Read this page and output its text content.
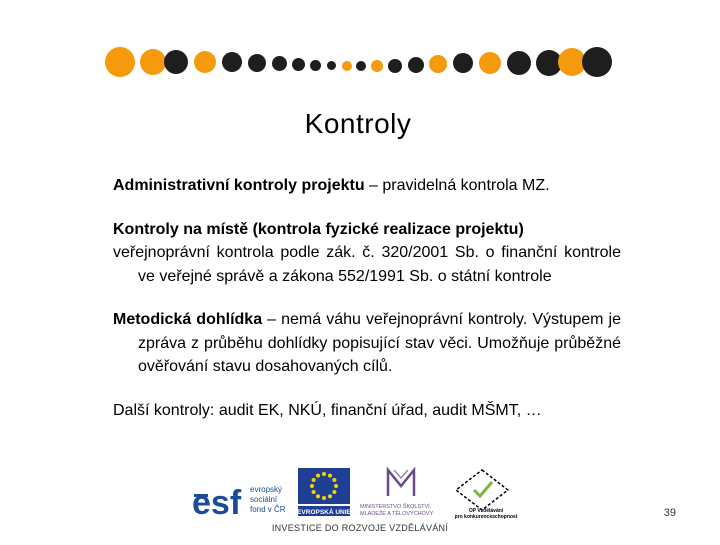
Kontroly

Administrativní kontroly projektu – pravidelná kontrola MZ.

Kontroly na místě (kontrola fyzické realizace projektu)

veřejnoprávní kontrola podle zák. č. 320/2001 Sb. o finanční kontrole ve veřejné správě a zákona 552/1991 Sb. o státní kontrole

Metodická dohlídka – nemá váhu veřejnoprávní kontroly. Výstupem je zpráva z průběhu dohlídky popisující stav věci. Umožňuje průběžné ověřování stavu dosahovaných cílů.

Další kontroly: audit EK, NKÚ, finanční úřad, audit MŠMT, …

esf evropský
sociální
fond v ČR EVROPSKÁ UNIE
MINISTERSTVO ŠKOLSTVÍ,
MLÁDEŽE A TĚLOVÝCHOVY	OP Vzdělávání
pro konkurenceschopnost
INVESTICE DO ROZVOJE VZDĚLÁVÁNÍ
39
